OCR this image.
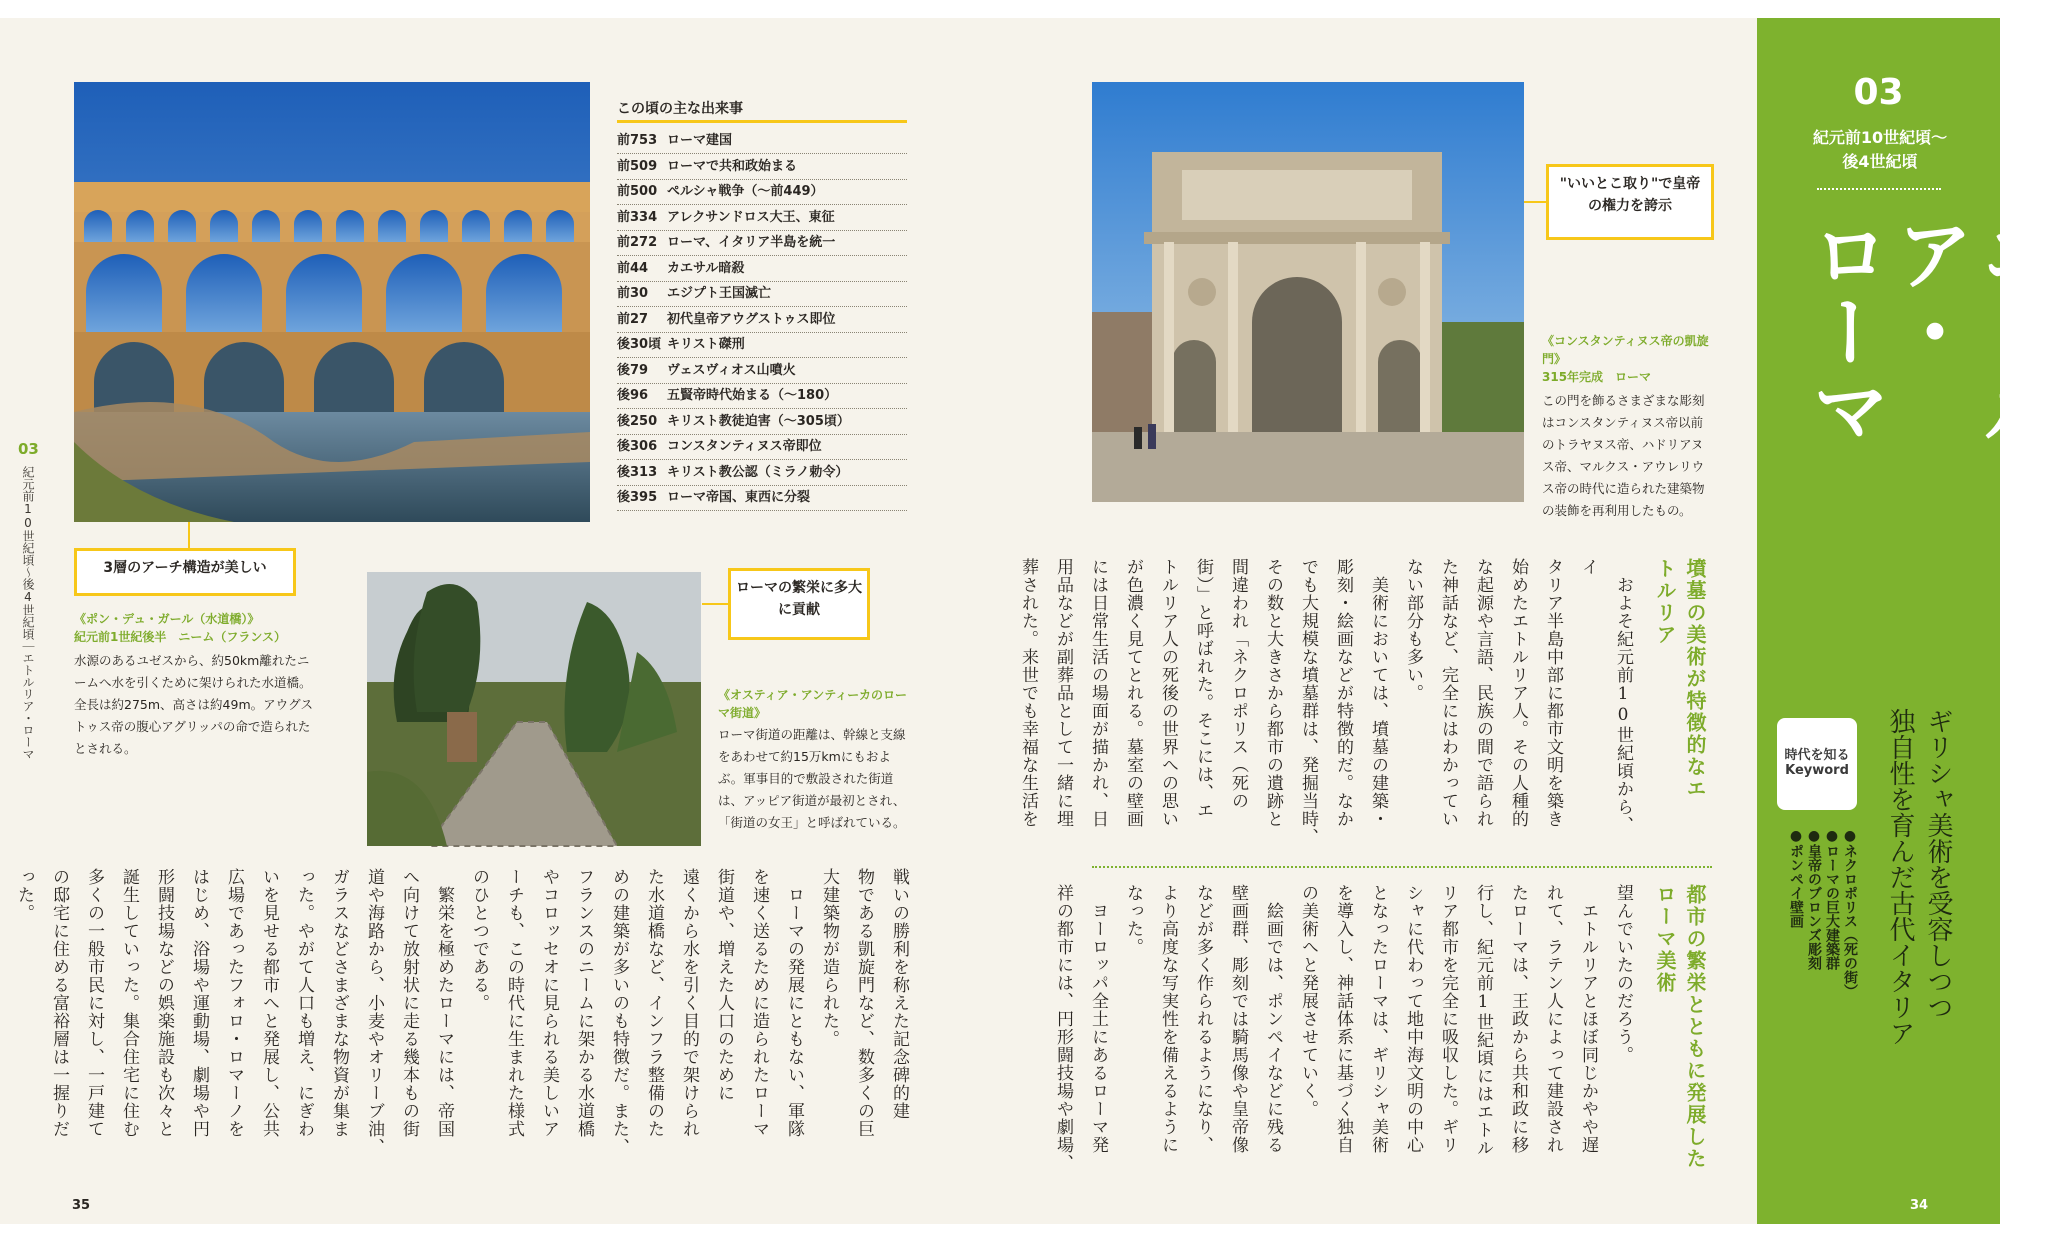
03
紀元前10世紀頃〜後4世紀頃｜エトルリア・ローマ	3層のアーチ構造が美しい
《ポン・デュ・ガール（水道橋）》
紀元前1世紀後半　ニーム（フランス）
水源のあるユゼスから、約50km離れたニームへ水を引くために架けられた水道橋。全長は約275m、高さは約49m。アウグストゥス帝の腹心アグリッパの命で造られたとされる。
この頃の主な出来事
前753 ローマ建国
前509 ローマで共和政始まる
前500 ペルシャ戦争（〜前449）
前334 アレクサンドロス大王、東征
前272 ローマ、イタリア半島を統一
前44 カエサル暗殺
前30 エジプト王国滅亡
前27 初代皇帝アウグストゥス即位
後30頃 キリスト磔刑
後79 ヴェスヴィオス山噴火
後96 五賢帝時代始まる（〜180）
後250 キリスト教徒迫害（〜305頃）
後306 コンスタンティヌス帝即位
後313 キリスト教公認（ミラノ勅令）
後395 ローマ帝国、東西に分裂
ローマの繁栄に多大に貢献
《オスティア・アンティーカのローマ街道》
ローマ街道の距離は、幹線と支線をあわせて約15万kmにもおよぶ。軍事目的で敷設された街道は、アッピア街道が最初とされ、「街道の女王」と呼ばれている。
戦いの勝利を称えた記念碑的建
物である凱旋門など、数多くの巨
大建築物が造られた。
　ローマの発展にともない、軍隊
を速く送るために造られたローマ
街道や、増えた人口のために
遠くから水を引く目的で架けられ
た水道橋など、インフラ整備のた
めの建築が多いのも特徴だ。また、
フランスのニームに架かる水道橋
やコロッセオに見られる美しいア
ーチも、この時代に生まれた様式
のひとつである。
　繁栄を極めたローマには、帝国
へ向けて放射状に走る幾本もの街
道や海路から、小麦やオリーブ油、
ガラスなどさまざまな物資が集ま
った。やがて人口も増え、にぎわ
いを見せる都市へと発展し、公共
広場であったフォロ・ロマーノを
はじめ、浴場や運動場、劇場や円
形闘技場などの娯楽施設も次々と
誕生していった。集合住宅に住む
多くの一般市民に対し、一戸建て
の邸宅に住める富裕層は一握りだ
った。
35
"いいとこ取り"で皇帝の権力を誇示
《コンスタンティヌス帝の凱旋門》
315年完成　ローマ
この門を飾るさまざまな彫刻はコンスタンティヌス帝以前のトラヤヌス帝、ハドリアヌス帝、マルクス・アウレリウス帝の時代に造られた建築物の装飾を再利用したもの。
墳墓の美術が特徴的なエトルリア
　およそ紀元前10世紀頃から、イ
タリア半島中部に都市文明を築き
始めたエトルリア人。その人種的
な起源や言語、民族の間で語られ
た神話など、完全にはわかってい
ない部分も多い。
　美術においては、墳墓の建築・
彫刻・絵画などが特徴的だ。なか
でも大規模な墳墓群は、発掘当時、
その数と大きさから都市の遺跡と
間違われ「ネクロポリス（死の
街）」と呼ばれた。そこには、エ
トルリア人の死後の世界への思い
が色濃く見てとれる。墓室の壁画
には日常生活の場面が描かれ、日
用品などが副葬品として一緒に埋
葬された。来世でも幸福な生活を
都市の繁栄とともに発展したローマ美術
望んでいたのだろう。
　エトルリアとほぼ同じかやや遅
れて、ラテン人によって建設され
たローマは、王政から共和政に移
行し、紀元前1世紀頃にはエトル
リア都市を完全に吸収した。ギリ
シャに代わって地中海文明の中心
となったローマは、ギリシャ美術
を導入し、神話体系に基づく独自
の美術へと発展させていく。
　絵画では、ポンペイなどに残る
壁画群、彫刻では騎馬像や皇帝像
などが多く作られるようになり、
より高度な写実性を備えるように
なった。
　ヨーロッパ全土にあるローマ発
祥の都市には、円形闘技場や劇場、
34
03
紀元前10世紀頃〜後4世紀頃
エトルリア・
ローマ
ギリシャ美術を受容しつつ
独自性を育んだ古代イタリア
時代を知る
Keyword
●ネクロポリス（死の街）
●ローマの巨大建築群
●皇帝のブロンズ彫刻
●ポンペイ壁画
